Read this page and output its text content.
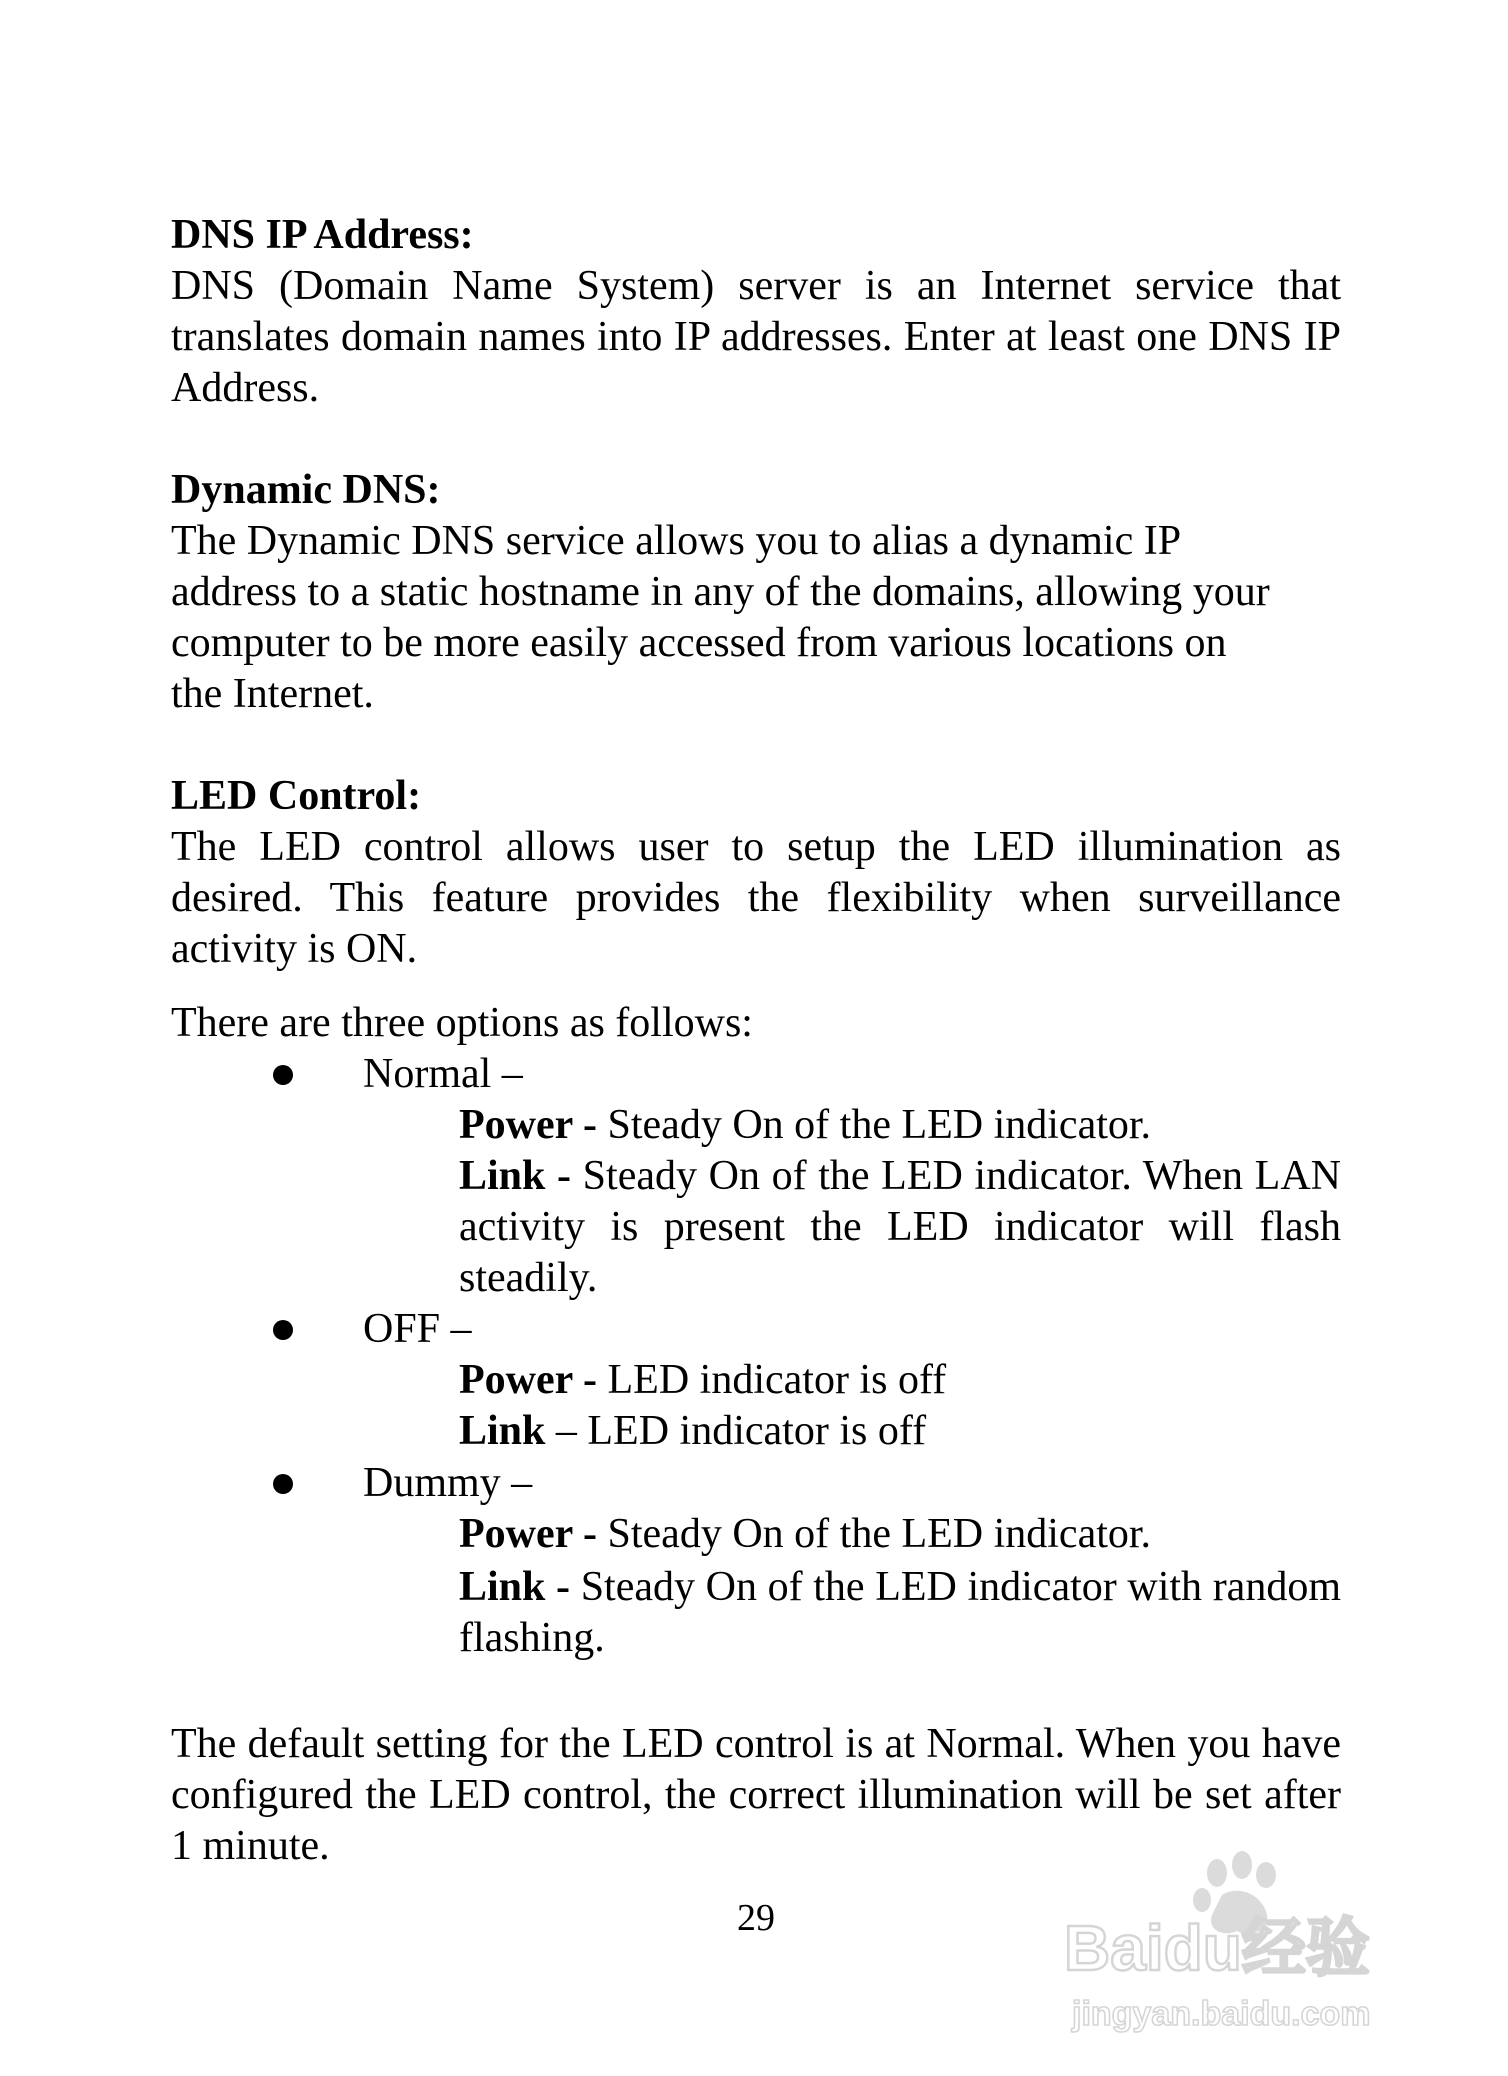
DNS IP Address:

DNS (Domain Name System) server is an Internet service that translates domain names into IP addresses. Enter at least one DNS IP Address.

Dynamic DNS:

The Dynamic DNS service allows you to alias a dynamic IP

address to a static hostname in any of the domains, allowing your

computer to be more easily accessed from various locations on

the Internet.

LED Control:

The LED control allows user to setup the LED illumination as desired. This feature provides the flexibility when surveillance activity is ON.

There are three options as follows:

Normal –
Power - Steady On of the LED indicator.
Link - Steady On of the LED indicator. When LAN activity is present the LED indicator will flash steadily.
OFF –
Power - LED indicator is off
Link – LED indicator is off
Dummy –
Power - Steady On of the LED indicator.
Link - Steady On of the LED indicator with random flashing.

The default setting for the LED control is at Normal. When you have configured the LED control, the correct illumination will be set after 1 minute.

29	Baidu经验
jingyan.baidu.com
